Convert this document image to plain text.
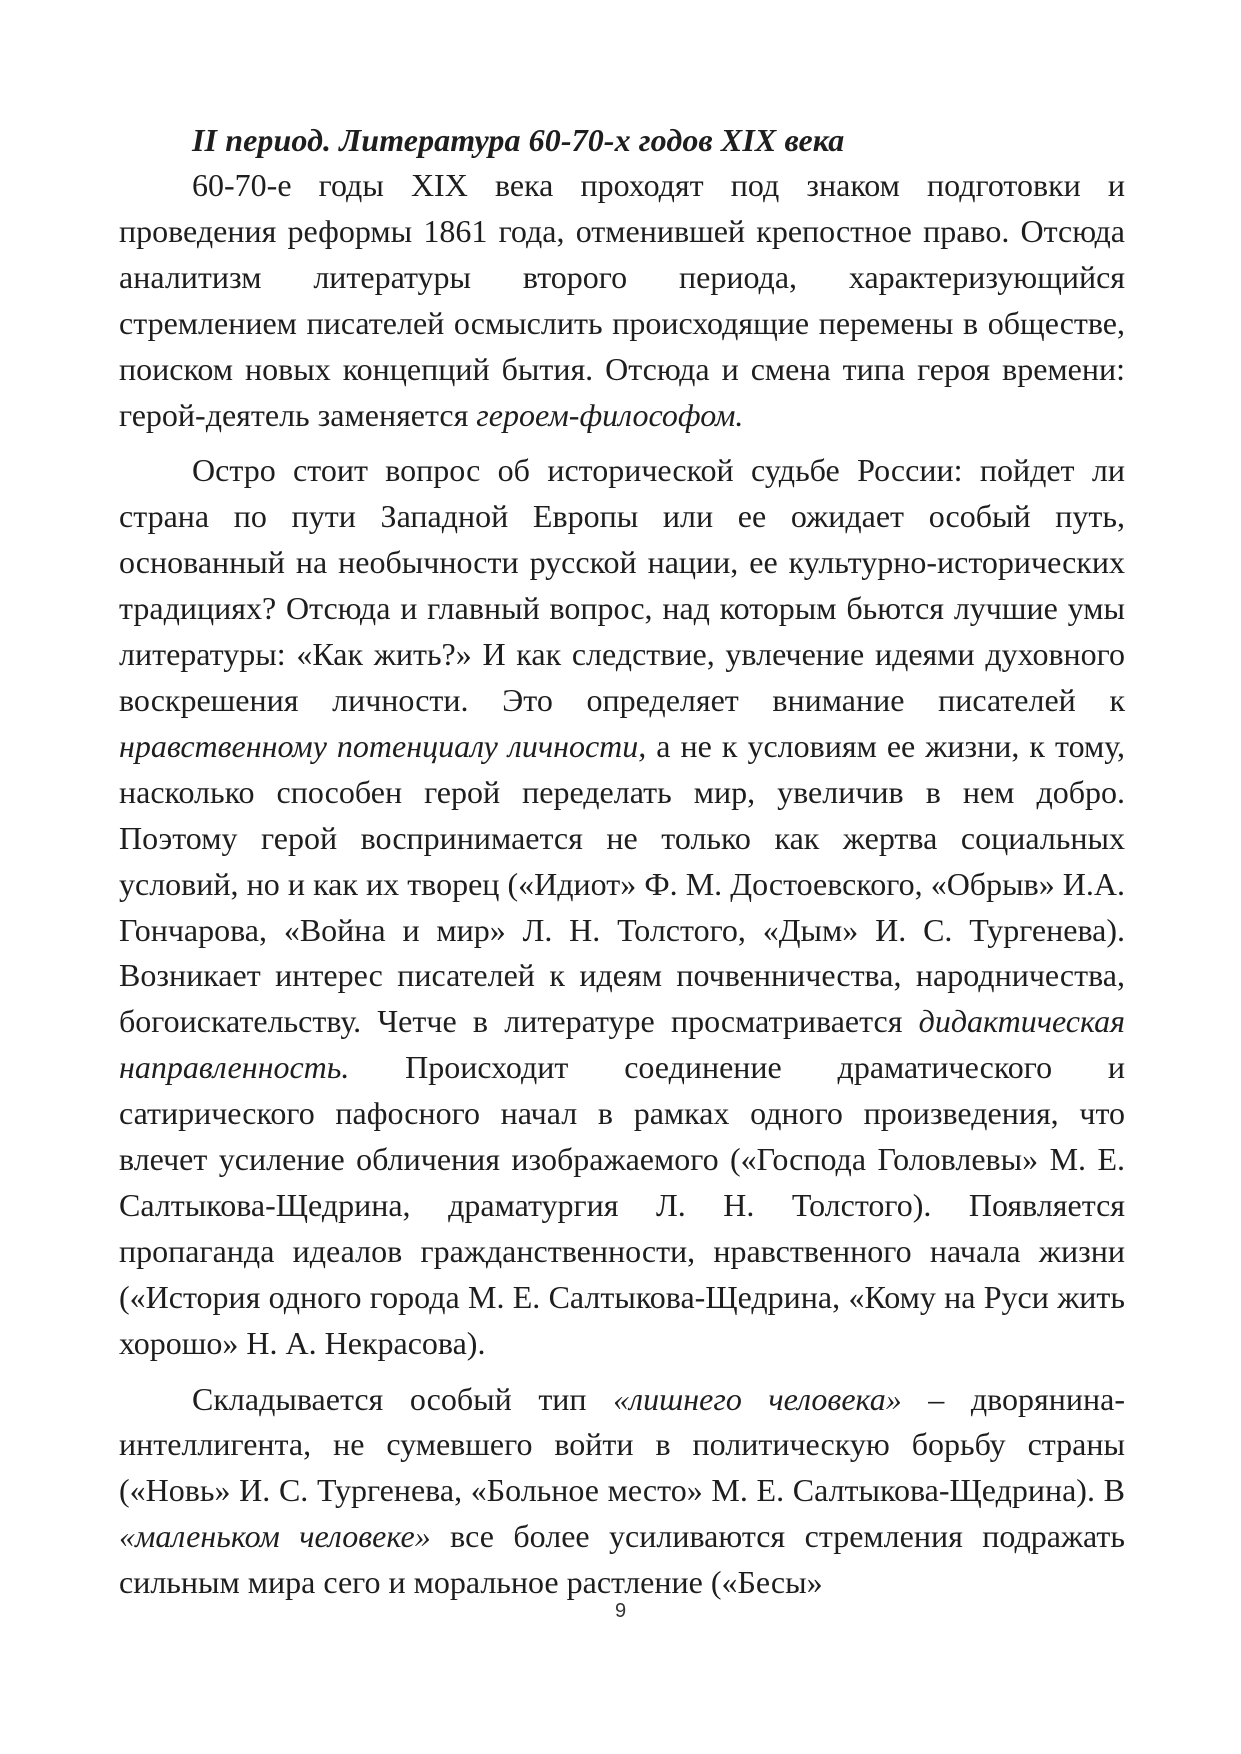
II период. Литература 60-70-х годов XIX века

60-70-е годы XIX века проходят под знаком подготовки и проведения реформы 1861 года, отменившей крепостное право. Отсюда аналитизм литературы второго периода, характеризующийся стремлением писателей осмыслить происходящие перемены в обществе, поиском новых концепций бытия. Отсюда и смена типа героя времени: герой-деятель заменяется героем-философом.

Остро стоит вопрос об исторической судьбе России: пойдет ли страна по пути Западной Европы или ее ожидает особый путь, основанный на необычности русской нации, ее культурно-исторических традициях? Отсюда и главный вопрос, над которым бьются лучшие умы литературы: «Как жить?» И как следствие, увлечение идеями духовного воскрешения личности. Это определяет внимание писателей к нравственному потенциалу личности, а не к условиям ее жизни, к тому, насколько способен герой переделать мир, увеличив в нем добро. Поэтому герой воспринимается не только как жертва социальных условий, но и как их творец («Идиот» Ф. М. Достоевского, «Обрыв» И.А. Гончарова, «Война и мир» Л. Н. Толстого, «Дым» И. С. Тургенева). Возникает интерес писателей к идеям почвенничества, народничества, богоискательству. Четче в литературе просматривается дидактическая направленность. Происходит соединение драматического и сатирического пафосного начал в рамках одного произведения, что влечет усиление обличения изображаемого («Господа Головлевы» М. Е. Салтыкова-Щедрина, драматургия Л. Н. Толстого). Появляется пропаганда идеалов гражданственности, нравственного начала жизни («История одного города М. Е. Салтыкова-Щедрина, «Кому на Руси жить хорошо» Н. А. Некрасова).

Складывается особый тип «лишнего человека» – дворянина-интеллигента, не сумевшего войти в политическую борьбу страны («Новь» И. С. Тургенева, «Больное место» М. Е. Салтыкова-Щедрина). В «маленьком человеке» все более усиливаются стремления подражать сильным мира сего и моральное растление («Бесы»

9
